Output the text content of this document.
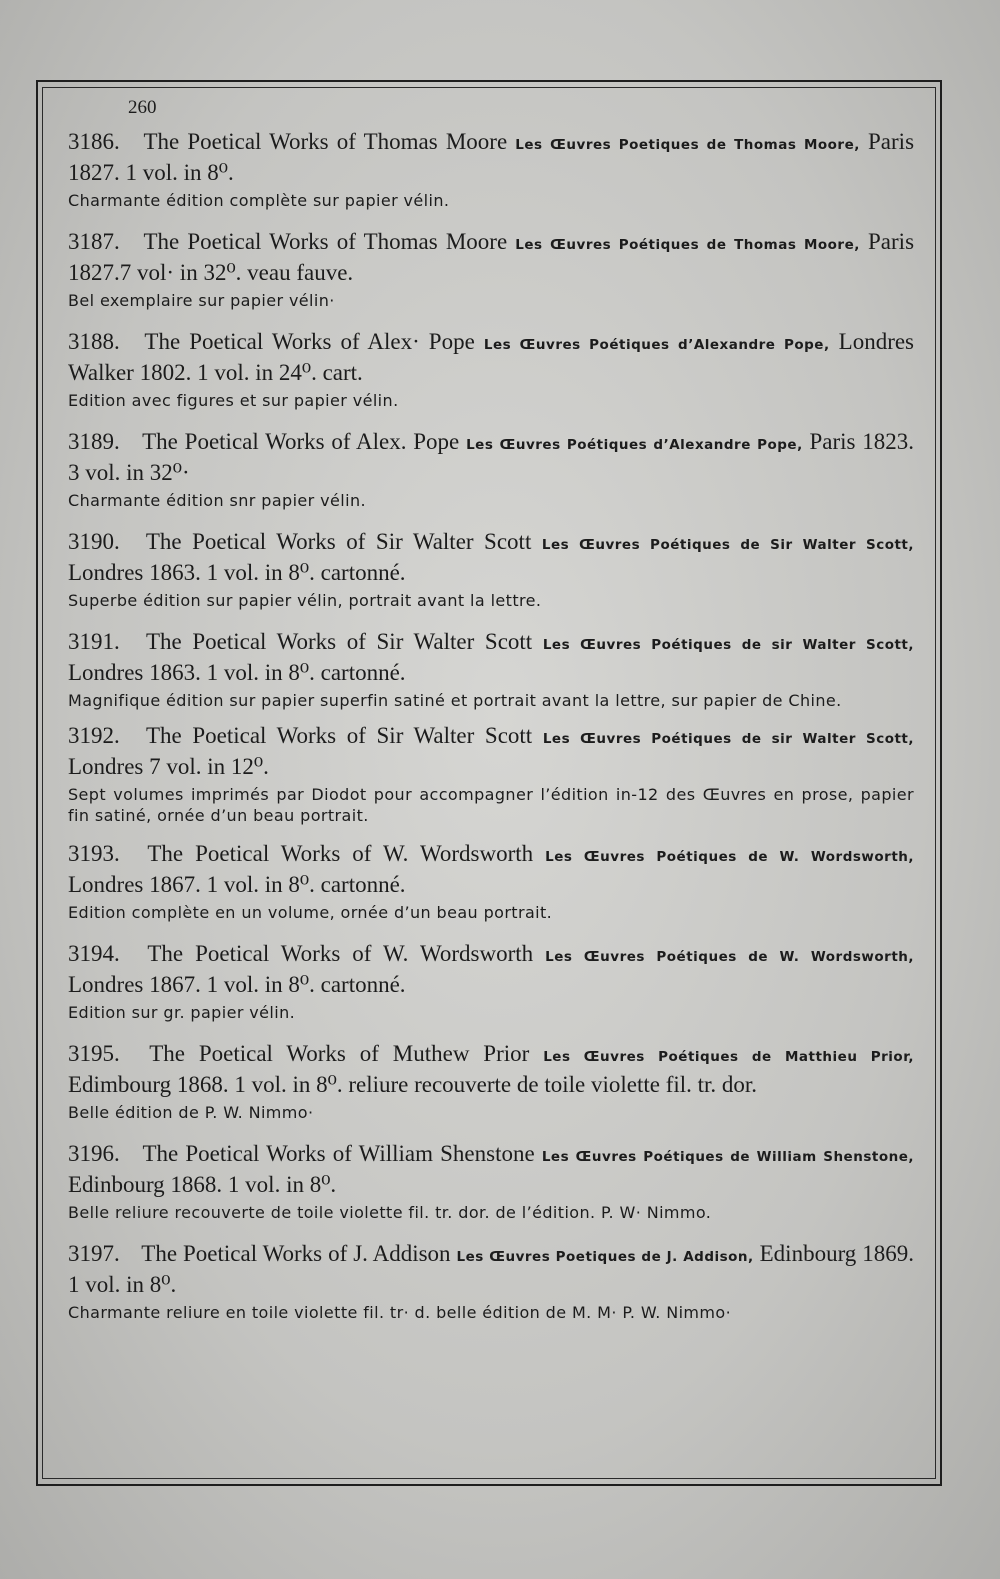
260

3186. The Poetical Works of Thomas Moore Les Œuvres Poetiques de Thomas Moore, Paris 1827. 1 vol. in 8⁰.

Charmante édition complète sur papier vélin.

3187. The Poetical Works of Thomas Moore Les Œuvres Poétiques de Thomas Moore, Paris 1827.7 vol· in 32⁰. veau fauve.

Bel exemplaire sur papier vélin·

3188. The Poetical Works of Alex· Pope Les Œuvres Poétiques d’Alexandre Pope, Londres Walker 1802. 1 vol. in 24⁰. cart.

Edition avec figures et sur papier vélin.

3189. The Poetical Works of Alex. Pope Les Œuvres Poétiques d’Alexandre Pope, Paris 1823. 3 vol. in 32⁰·

Charmante édition snr papier vélin.

3190. The Poetical Works of Sir Walter Scott Les Œuvres Poétiques de Sir Walter Scott, Londres 1863. 1 vol. in 8⁰. cartonné.

Superbe édition sur papier vélin, portrait avant la lettre.

3191. The Poetical Works of Sir Walter Scott Les Œuvres Poétiques de sir Walter Scott, Londres 1863. 1 vol. in 8⁰. cartonné.

Magnifique édition sur papier superfin satiné et portrait avant la lettre, sur papier de Chine.

3192. The Poetical Works of Sir Walter Scott Les Œuvres Poétiques de sir Walter Scott, Londres 7 vol. in 12⁰.

Sept volumes imprimés par Diodot pour accompagner l’édition in-12 des Œuvres en prose, papier fin satiné, ornée d’un beau portrait.

3193. The Poetical Works of W. Wordsworth Les Œuvres Poétiques de W. Wordsworth, Londres 1867. 1 vol. in 8⁰. cartonné.

Edition complète en un volume, ornée d’un beau portrait.

3194. The Poetical Works of W. Wordsworth Les Œuvres Poétiques de W. Wordsworth, Londres 1867. 1 vol. in 8⁰. cartonné.

Edition sur gr. papier vélin.

3195. The Poetical Works of Muthew Prior Les Œuvres Poétiques de Matthieu Prior, Edimbourg 1868. 1 vol. in 8⁰. reliure recouverte de toile violette fil. tr. dor.

Belle édition de P. W. Nimmo·

3196. The Poetical Works of William Shenstone Les Œuvres Poétiques de William Shenstone, Edinbourg 1868. 1 vol. in 8⁰.

Belle reliure recouverte de toile violette fil. tr. dor. de l’édition. P. W· Nimmo.

3197. The Poetical Works of J. Addison Les Œuvres Poetiques de J. Addison, Edinbourg 1869. 1 vol. in 8⁰.

Charmante reliure en toile violette fil. tr· d. belle édition de M. M· P. W. Nimmo·
